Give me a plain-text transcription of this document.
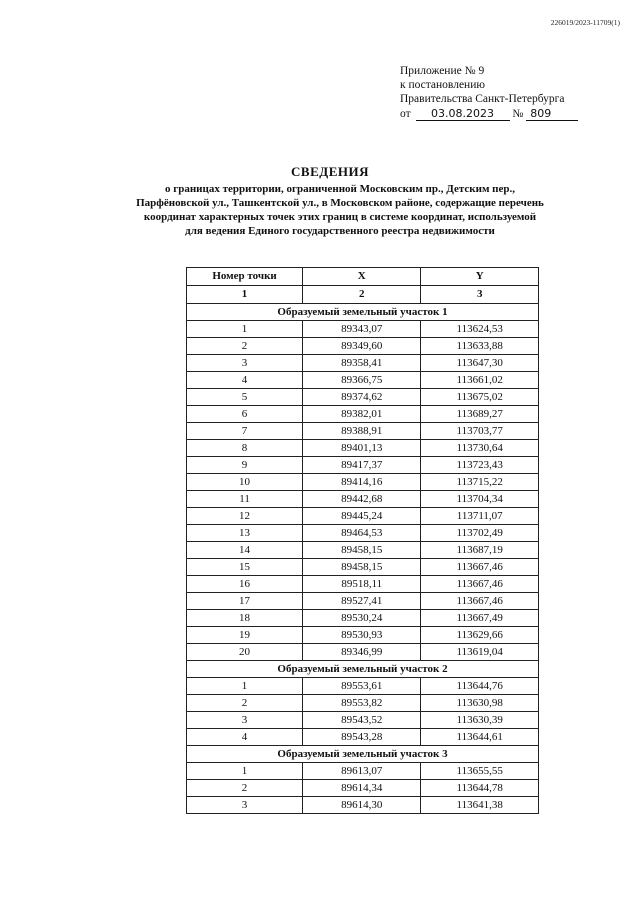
226019/2023-11709(1)
Приложение № 9
к постановлению
Правительства Санкт-Петербурга
от 03.08.2023 № 809
СВЕДЕНИЯ
о границах территории, ограниченной Московским пр., Детским пер.,
Парфёновской ул., Ташкентской ул., в Московском районе, содержащие перечень
координат характерных точек этих границ в системе координат, используемой
для ведения Единого государственного реестра недвижимости
Номер точки	X	Y
1	2	3
Образуемый земельный участок 1		
1	89343,07	113624,53
2	89349,60	113633,88
3	89358,41	113647,30
4	89366,75	113661,02
5	89374,62	113675,02
6	89382,01	113689,27
7	89388,91	113703,77
8	89401,13	113730,64
9	89417,37	113723,43
10	89414,16	113715,22
11	89442,68	113704,34
12	89445,24	113711,07
13	89464,53	113702,49
14	89458,15	113687,19
15	89458,15	113667,46
16	89518,11	113667,46
17	89527,41	113667,46
18	89530,24	113667,49
19	89530,93	113629,66
20	89346,99	113619,04
Образуемый земельный участок 2		
1	89553,61	113644,76
2	89553,82	113630,98
3	89543,52	113630,39
4	89543,28	113644,61
Образуемый земельный участок 3		
1	89613,07	113655,55
2	89614,34	113644,78
3	89614,30	113641,38
